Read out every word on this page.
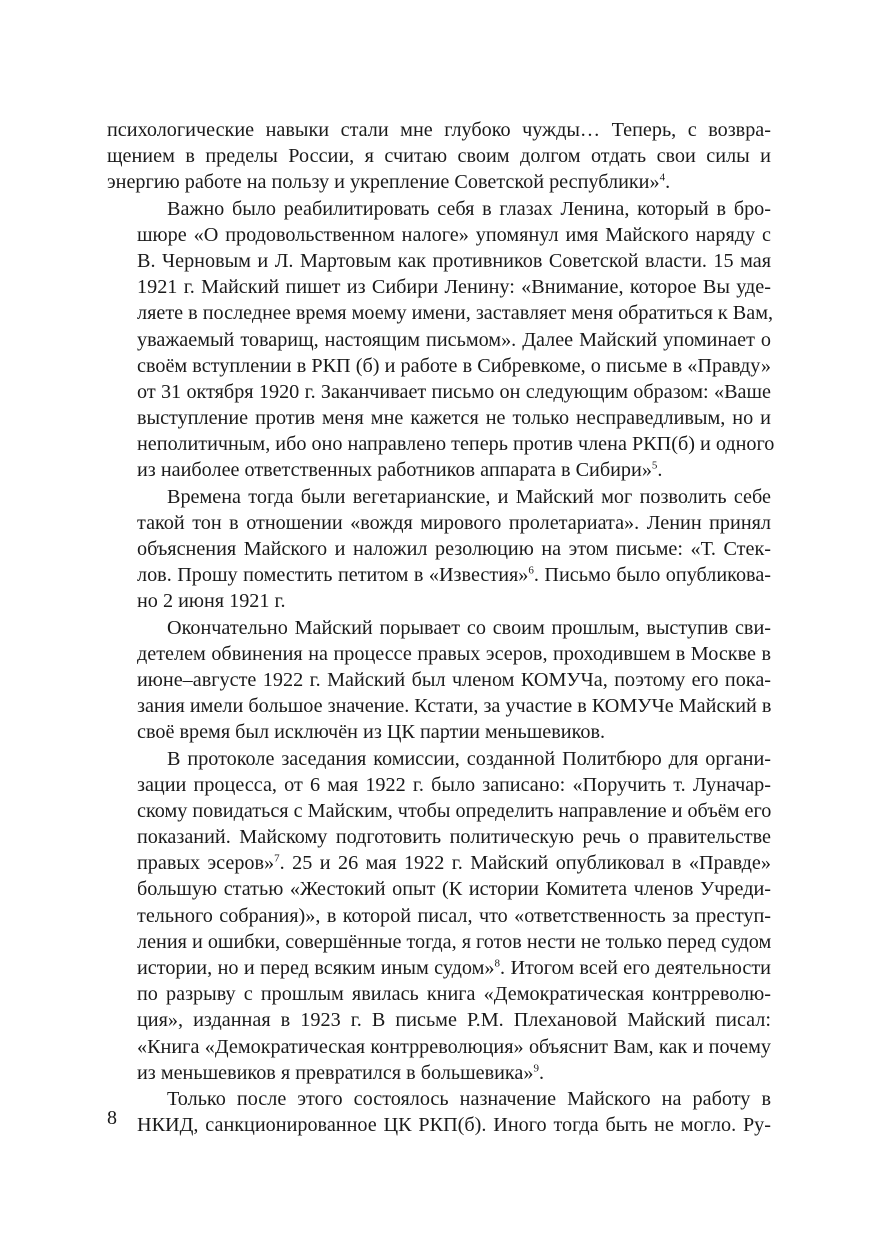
психологические навыки стали мне глубоко чужды… Теперь, с возвра-
щением в пределы России, я считаю своим долгом отдать свои силы и
энергию работе на пользу и укрепление Советской республики»$^4$.
Важно было реабилитировать себя в глазах Ленина, который в бро-
шюре «О продовольственном налоге» упомянул имя Майского наряду с
В. Черновым и Л. Мартовым как противников Советской власти. 15 мая
1921 г. Майский пишет из Сибири Ленину: «Внимание, которое Вы уде-
ляете в последнее время моему имени, заставляет меня обратиться к Вам,
уважаемый товарищ, настоящим письмом». Далее Майский упоминает о
своём вступлении в РКП (б) и работе в Сибревкоме, о письме в «Правду»
от 31 октября 1920 г. Заканчивает письмо он следующим образом: «Ваше
выступление против меня мне кажется не только несправедливым, но и
неполитичным, ибо оно направлено теперь против члена РКП(б) и одного
из наиболее ответственных работников аппарата в Сибири»$^5$.
Времена тогда были вегетарианские, и Майский мог позволить себе
такой тон в отношении «вождя мирового пролетариата». Ленин принял
объяснения Майского и наложил резолюцию на этом письме: «Т. Стек-
лов. Прошу поместить петитом в «Известия»$^6$. Письмо было опубликова-
но 2 июня 1921 г.
Окончательно Майский порывает со своим прошлым, выступив сви-
детелем обвинения на процессе правых эсеров, проходившем в Москве в
июне–августе 1922 г. Майский был членом КОМУЧа, поэтому его пока-
зания имели большое значение. Кстати, за участие в КОМУЧе Майский в
своё время был исключён из ЦК партии меньшевиков.
В протоколе заседания комиссии, созданной Политбюро для органи-
зации процесса, от 6 мая 1922 г. было записано: «Поручить т. Луначар-
скому повидаться с Майским, чтобы определить направление и объём его
показаний. Майскому подготовить политическую речь о правительстве
правых эсеров»$^7$. 25 и 26 мая 1922 г. Майский опубликовал в «Правде»
большую статью «Жестокий опыт (К истории Комитета членов Учреди-
тельного собрания)», в которой писал, что «ответственность за преступ-
ления и ошибки, совершённые тогда, я готов нести не только перед судом
истории, но и перед всяким иным судом»$^8$. Итогом всей его деятельности
по разрыву с прошлым явилась книга «Демократическая контрреволю-
ция», изданная в 1923 г. В письме Р.М. Плехановой Майский писал:
«Книга «Демократическая контрреволюция» объяснит Вам, как и почему
из меньшевиков я превратился в большевика»$^9$.
Только после этого состоялось назначение Майского на работу в
НКИД, санкционированное ЦК РКП(б). Иного тогда быть не могло. Ру-
8
